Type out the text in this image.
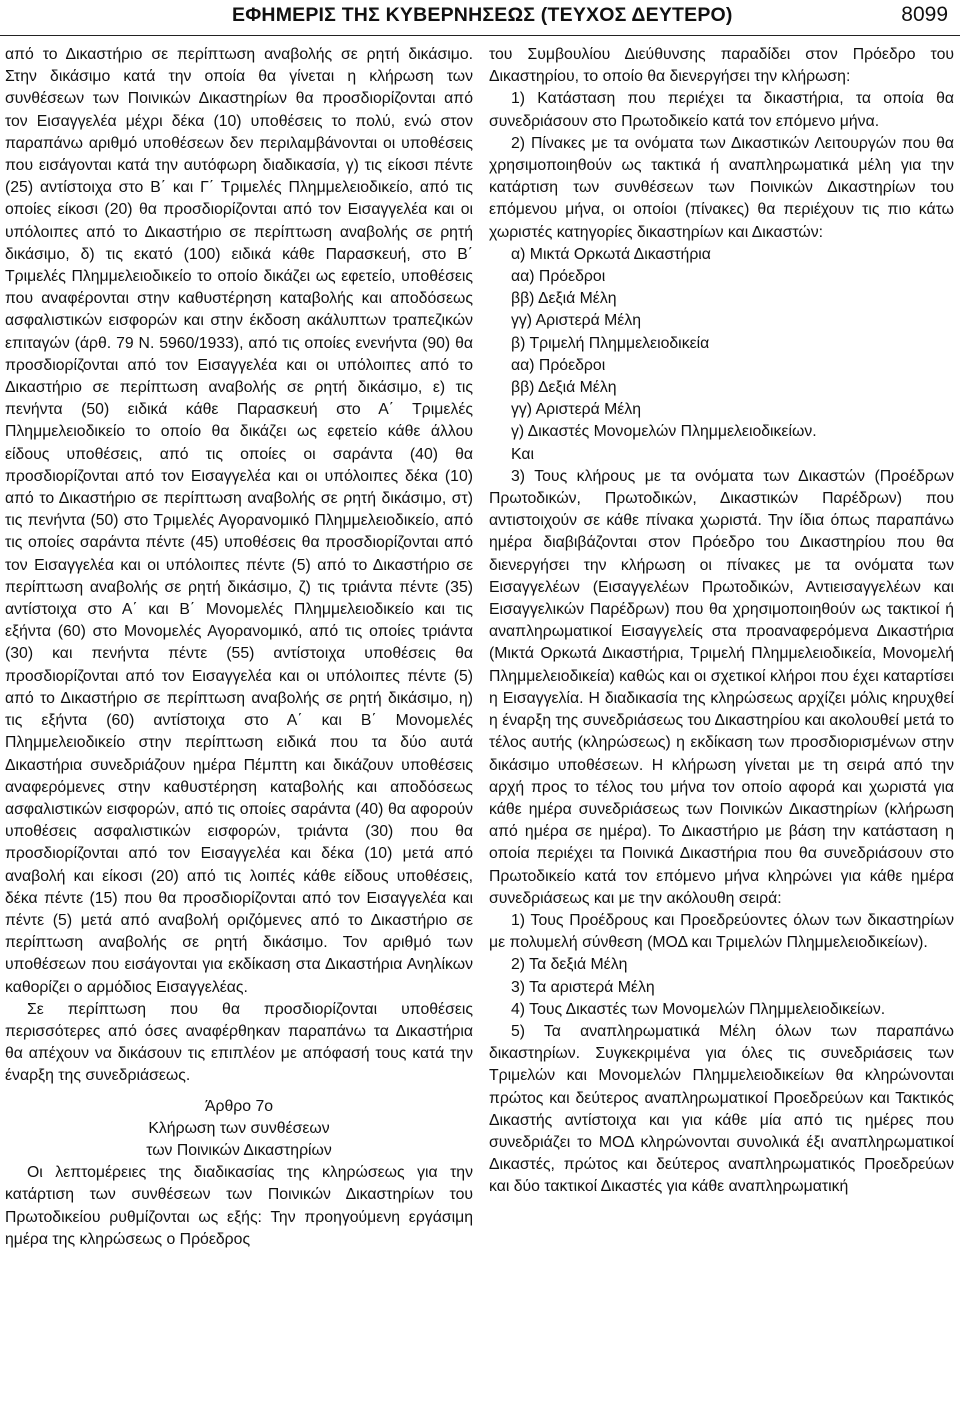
ΕΦΗΜΕΡΙΣ ΤΗΣ ΚΥΒΕΡΝΗΣΕΩΣ (ΤΕΥΧΟΣ ΔΕΥΤΕΡΟ)	8099

από το Δικαστήριο σε περίπτωση αναβολής σε ρητή δικάσιμο. Στην δικάσιμο κατά την οποία θα γίνεται η κλήρωση των συνθέσεων των Ποινικών Δικαστηρίων θα προσδιορίζονται από τον Εισαγγελέα μέχρι δέκα (10) υποθέσεις το πολύ, ενώ στον παραπάνω αριθμό υποθέσεων δεν περιλαμβάνονται οι υποθέσεις που εισάγονται κατά την αυτόφωρη διαδικασία, γ) τις είκοσι πέντε (25) αντίστοιχα στο Β΄ και Γ΄ Τριμελές Πλημμελειοδικείο, από τις οποίες είκοσι (20) θα προσδιορίζονται από τον Εισαγγελέα και οι υπόλοιπες από το Δικαστήριο σε περίπτωση αναβολής σε ρητή δικάσιμο, δ) τις εκατό (100) ειδικά κάθε Παρασκευή, στο Β΄ Τριμελές Πλημμελειοδικείο το οποίο δικάζει ως εφετείο, υποθέσεις που αναφέρονται στην καθυστέρηση καταβολής και αποδόσεως ασφαλιστικών εισφορών και στην έκδοση ακάλυπτων τραπεζικών επιταγών (άρθ. 79 Ν. 5960/1933), από τις οποίες ενενήντα (90) θα προσδιορίζονται από τον Εισαγγελέα και οι υπόλοιπες από το Δικαστήριο σε περίπτωση αναβολής σε ρητή δικάσιμο, ε) τις πενήντα (50) ειδικά κάθε Παρασκευή στο Α΄ Τριμελές Πλημμελειοδικείο το οποίο θα δικάζει ως εφετείο κάθε άλλου είδους υποθέσεις, από τις οποίες οι σαράντα (40) θα προσδιορίζονται από τον Εισαγγελέα και οι υπόλοιπες δέκα (10) από το Δικαστήριο σε περίπτωση αναβολής σε ρητή δικάσιμο, στ) τις πενήντα (50) στο Τριμελές Αγορανομικό Πλημμελειοδικείο, από τις οποίες σαράντα πέντε (45) υποθέσεις θα προσδιορίζονται από τον Εισαγγελέα και οι υπόλοιπες πέντε (5) από το Δικαστήριο σε περίπτωση αναβολής σε ρητή δικάσιμο, ζ) τις τριάντα πέντε (35) αντίστοιχα στο Α΄ και Β΄ Μονομελές Πλημμελειοδικείο και τις εξήντα (60) στο Μονομελές Αγορανομικό, από τις οποίες τριάντα (30) και πενήντα πέντε (55) αντίστοιχα υποθέσεις θα προσδιορίζονται από τον Εισαγγελέα και οι υπόλοιπες πέντε (5) από το Δικαστήριο σε περίπτωση αναβολής σε ρητή δικάσιμο, η) τις εξήντα (60) αντίστοιχα στο Α΄ και Β΄ Μονομελές Πλημμελειοδικείο στην περίπτωση ειδικά που τα δύο αυτά Δικαστήρια συνεδριάζουν ημέρα Πέμπτη και δικάζουν υποθέσεις αναφερόμενες στην καθυστέρηση καταβολής και αποδόσεως ασφαλιστικών εισφορών, από τις οποίες σαράντα (40) θα αφορούν υποθέσεις ασφαλιστικών εισφορών, τριάντα (30) που θα προσδιορίζονται από τον Εισαγγελέα και δέκα (10) μετά από αναβολή και είκοσι (20) από τις λοιπές κάθε είδους υποθέσεις, δέκα πέντε (15) που θα προσδιορίζονται από τον Εισαγγελέα και πέντε (5) μετά από αναβολή οριζόμενες από το Δικαστήριο σε περίπτωση αναβολής σε ρητή δικάσιμο. Τον αριθμό των υποθέσεων που εισάγονται για εκδίκαση στα Δικαστήρια Ανηλίκων καθορίζει ο αρμόδιος Εισαγγελέας.

Σε περίπτωση που θα προσδιορίζονται υποθέσεις περισσότερες από όσες αναφέρθηκαν παραπάνω τα Δικαστήρια θα απέχουν να δικάσουν τις επιπλέον με απόφασή τους κατά την έναρξη της συνεδριάσεως.

Άρθρο 7ο

Κλήρωση των συνθέσεων

των Ποινικών Δικαστηρίων

Οι λεπτομέρειες της διαδικασίας της κληρώσεως για την κατάρτιση των συνθέσεων των Ποινικών Δικαστηρίων του Πρωτοδικείου ρυθμίζονται ως εξής: Την προηγούμενη εργάσιμη ημέρα της κληρώσεως ο Πρόεδρος

του Συμβουλίου Διεύθυνσης παραδίδει στον Πρόεδρο του Δικαστηρίου, το οποίο θα διενεργήσει την κλήρωση:

1) Κατάσταση που περιέχει τα δικαστήρια, τα οποία θα συνεδριάσουν στο Πρωτοδικείο κατά τον επόμενο μήνα.

2) Πίνακες με τα ονόματα των Δικαστικών Λειτουργών που θα χρησιμοποιηθούν ως τακτικά ή αναπληρωματικά μέλη για την κατάρτιση των συνθέσεων των Ποινικών Δικαστηρίων του επόμενου μήνα, οι οποίοι (πίνακες) θα περιέχουν τις πιο κάτω χωριστές κατηγορίες δικαστηρίων και Δικαστών:

α) Μικτά Ορκωτά Δικαστήρια

αα) Πρόεδροι

ββ) Δεξιά Μέλη

γγ) Αριστερά Μέλη

β) Τριμελή Πλημμελειοδικεία

αα) Πρόεδροι

ββ) Δεξιά Μέλη

γγ) Αριστερά Μέλη

γ) Δικαστές Μονομελών Πλημμελειοδικείων.

Και

3) Τους κλήρους με τα ονόματα των Δικαστών (Προέδρων Πρωτοδικών, Πρωτοδικών, Δικαστικών Παρέδρων) που αντιστοιχούν σε κάθε πίνακα χωριστά. Την ίδια όπως παραπάνω ημέρα διαβιβάζονται στον Πρόεδρο του Δικαστηρίου που θα διενεργήσει την κλήρωση οι πίνακες με τα ονόματα των Εισαγγελέων (Εισαγγελέων Πρωτοδικών, Αντιεισαγγελέων και Εισαγγελικών Παρέδρων) που θα χρησιμοποιηθούν ως τακτικοί ή αναπληρωματικοί Εισαγγελείς στα προαναφερόμενα Δικαστήρια (Μικτά Ορκωτά Δικαστήρια, Τριμελή Πλημμελειοδικεία, Μονομελή Πλημμελειοδικεία) καθώς και οι σχετικοί κλήροι που έχει καταρτίσει η Εισαγγελία. Η διαδικασία της κληρώσεως αρχίζει μόλις κηρυχθεί η έναρξη της συνεδριάσεως του Δικαστηρίου και ακολουθεί μετά το τέλος αυτής (κληρώσεως) η εκδίκαση των προσδιορισμένων στην δικάσιμο υποθέσεων. Η κλήρωση γίνεται με τη σειρά από την αρχή προς το τέλος του μήνα τον οποίο αφορά και χωριστά για κάθε ημέρα συνεδριάσεως των Ποινικών Δικαστηρίων (κλήρωση από ημέρα σε ημέρα). Το Δικαστήριο με βάση την κατάσταση η οποία περιέχει τα Ποινικά Δικαστήρια που θα συνεδριάσουν στο Πρωτοδικείο κατά τον επόμενο μήνα κληρώνει για κάθε ημέρα συνεδριάσεως και με την ακόλουθη σειρά:

1) Τους Προέδρους και Προεδρεύοντες όλων των δικαστηρίων με πολυμελή σύνθεση (ΜΟΔ και Τριμελών Πλημμελειοδικείων).

2) Τα δεξιά Μέλη

3) Τα αριστερά Μέλη

4) Τους Δικαστές των Μονομελών Πλημμελειοδικείων.

5) Τα αναπληρωματικά Μέλη όλων των παραπάνω δικαστηρίων. Συγκεκριμένα για όλες τις συνεδριάσεις των Τριμελών και Μονομελών Πλημμελειοδικείων θα κληρώνονται πρώτος και δεύτερος αναπληρωματικοί Προεδρεύων και Τακτικός Δικαστής αντίστοιχα και για κάθε μία από τις ημέρες που συνεδριάζει το ΜΟΔ κληρώνονται συνολικά έξι αναπληρωματικοί Δικαστές, πρώτος και δεύτερος αναπληρωματικός Προεδρεύων και δύο τακτικοί Δικαστές για κάθε αναπληρωματική
